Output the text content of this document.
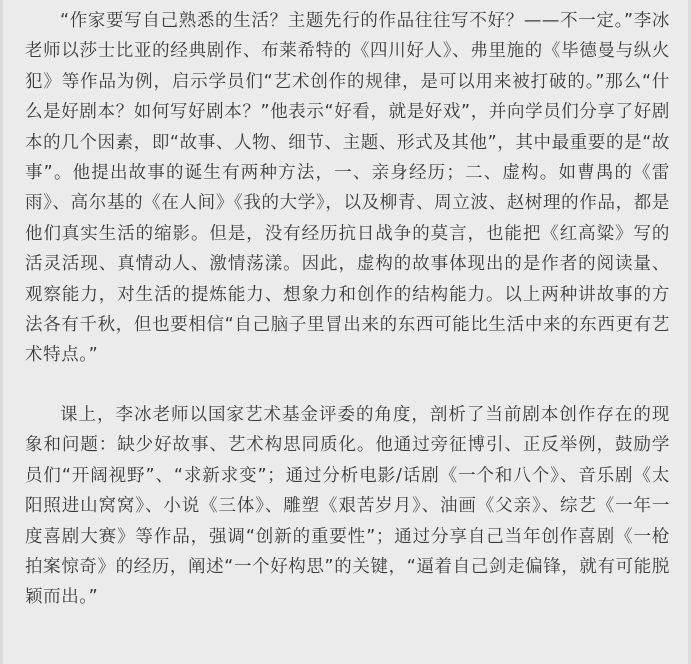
“作家要写自己熟悉的生活？主题先行的作品往往写不好？——不一定。”李冰老师以莎士比亚的经典剧作、布莱希特的《四川好人》、弗里施的《毕德曼与纵火犯》等作品为例，启示学员们“艺术创作的规律，是可以用来被打破的。”那么“什么是好剧本？如何写好剧本？”他表示“好看，就是好戏”，并向学员们分享了好剧本的几个因素，即“故事、人物、细节、主题、形式及其他”，其中最重要的是“故事”。他提出故事的诞生有两种方法，一、亲身经历；二、虚构。如曹禺的《雷雨》、高尔基的《在人间》《我的大学》，以及柳青、周立波、赵树理的作品，都是他们真实生活的缩影。但是，没有经历抗日战争的莫言，也能把《红高粱》写的活灵活现、真情动人、激情荡漾。因此，虚构的故事体现出的是作者的阅读量、观察能力，对生活的提炼能力、想象力和创作的结构能力。以上两种讲故事的方法各有千秋，但也要相信“自己脑子里冒出来的东西可能比生活中来的东西更有艺术特点。”

课上，李冰老师以国家艺术基金评委的角度，剖析了当前剧本创作存在的现象和问题：缺少好故事、艺术构思同质化。他通过旁征博引、正反举例，鼓励学员们“开阔视野”、“求新求变”；通过分析电影/话剧《一个和八个》、音乐剧《太阳照进山窝窝》、小说《三体》、雕塑《艰苦岁月》、油画《父亲》、综艺《一年一度喜剧大赛》等作品，强调“创新的重要性”；通过分享自己当年创作喜剧《一枪拍案惊奇》的经历，阐述“一个好构思”的关键，“逼着自己剑走偏锋，就有可能脱颖而出。”
